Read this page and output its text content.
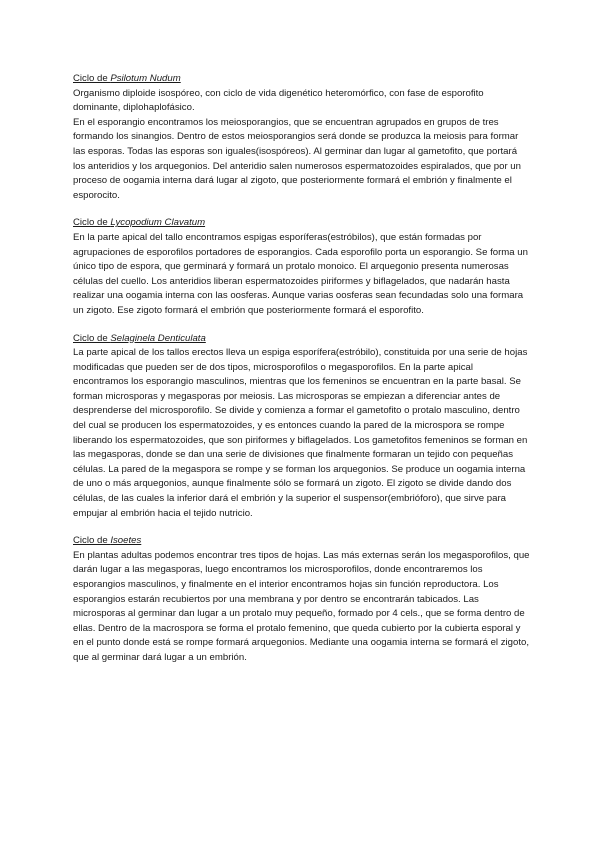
Ciclo de Psilotum Nudum

Organismo diploide isospóreo, con ciclo de vida digenético heteromórfico, con fase de esporofito dominante, diplohaplofásico.

En el esporangio encontramos los meiosporangios, que se encuentran agrupados en grupos de tres formando los sinangios. Dentro de estos meiosporangios será donde se produzca la meiosis para formar las esporas. Todas las esporas son iguales(isospóreos). Al germinar dan lugar al gametofito, que portará los anteridios y los arquegonios. Del anteridio salen numerosos espermatozoides espiralados, que por un proceso de oogamia interna dará lugar al zigoto, que posteriormente formará el embrión y finalmente el esporocito.

Ciclo de Lycopodium Clavatum

En la parte apical del tallo encontramos espigas esporíferas(estróbilos), que están formadas por agrupaciones de esporofilos portadores de esporangios. Cada esporofilo porta un esporangio. Se forma un único tipo de espora, que germinará y formará un protalo monoico. El arquegonio presenta numerosas células del cuello. Los anteridios liberan espermatozoides piriformes y biflagelados, que nadarán hasta realizar una oogamia interna con las oosferas. Aunque varias oosferas sean fecundadas solo una formara un zigoto. Ese zigoto formará el embrión que posteriormente formará el esporofito.

Ciclo de Selaginela Denticulata

La parte apical de los tallos erectos lleva un espiga esporífera(estróbilo), constituida por una serie de hojas modificadas que pueden ser de dos tipos, microsporofilos o megasporofilos. En la parte apical encontramos los esporangio masculinos, mientras que los femeninos se encuentran en la parte basal. Se forman microsporas y megasporas por meiosis. Las microsporas se empiezan a diferenciar antes de desprenderse del microsporofilo. Se divide y comienza a formar el gametofito o protalo masculino, dentro del cual se producen los espermatozoides, y es entonces cuando la pared de la microspora se rompe liberando los espermatozoides, que son piriformes y biflagelados. Los gametofitos femeninos se forman en las megasporas, donde se dan una serie de divisiones que finalmente formaran un tejido con pequeñas células. La pared de la megaspora se rompe y se forman los arquegonios. Se produce un oogamia interna de uno o más arquegonios, aunque finalmente sólo se formará un zigoto. El zigoto se divide dando dos células, de las cuales la inferior dará el embrión y la superior el suspensor(embrióforo), que sirve para empujar al embrión hacia el tejido nutricio.

Ciclo de Isoetes

En plantas adultas podemos encontrar tres tipos de hojas. Las más externas serán los megasporofilos, que darán lugar a las megasporas, luego encontramos los microsporofilos, donde encontraremos los esporangios masculinos, y finalmente en el interior encontramos hojas sin función reproductora. Los esporangios estarán recubiertos por una membrana y por dentro se encontrarán tabicados. Las microsporas al germinar dan lugar a un protalo muy pequeño, formado por 4 cels., que se forma dentro de ellas. Dentro de la macrospora se forma el protalo femenino, que queda cubierto por la cubierta esporal y en el punto donde está se rompe formará arquegonios. Mediante una oogamia interna se formará el zigoto, que al germinar dará lugar a un embrión.
